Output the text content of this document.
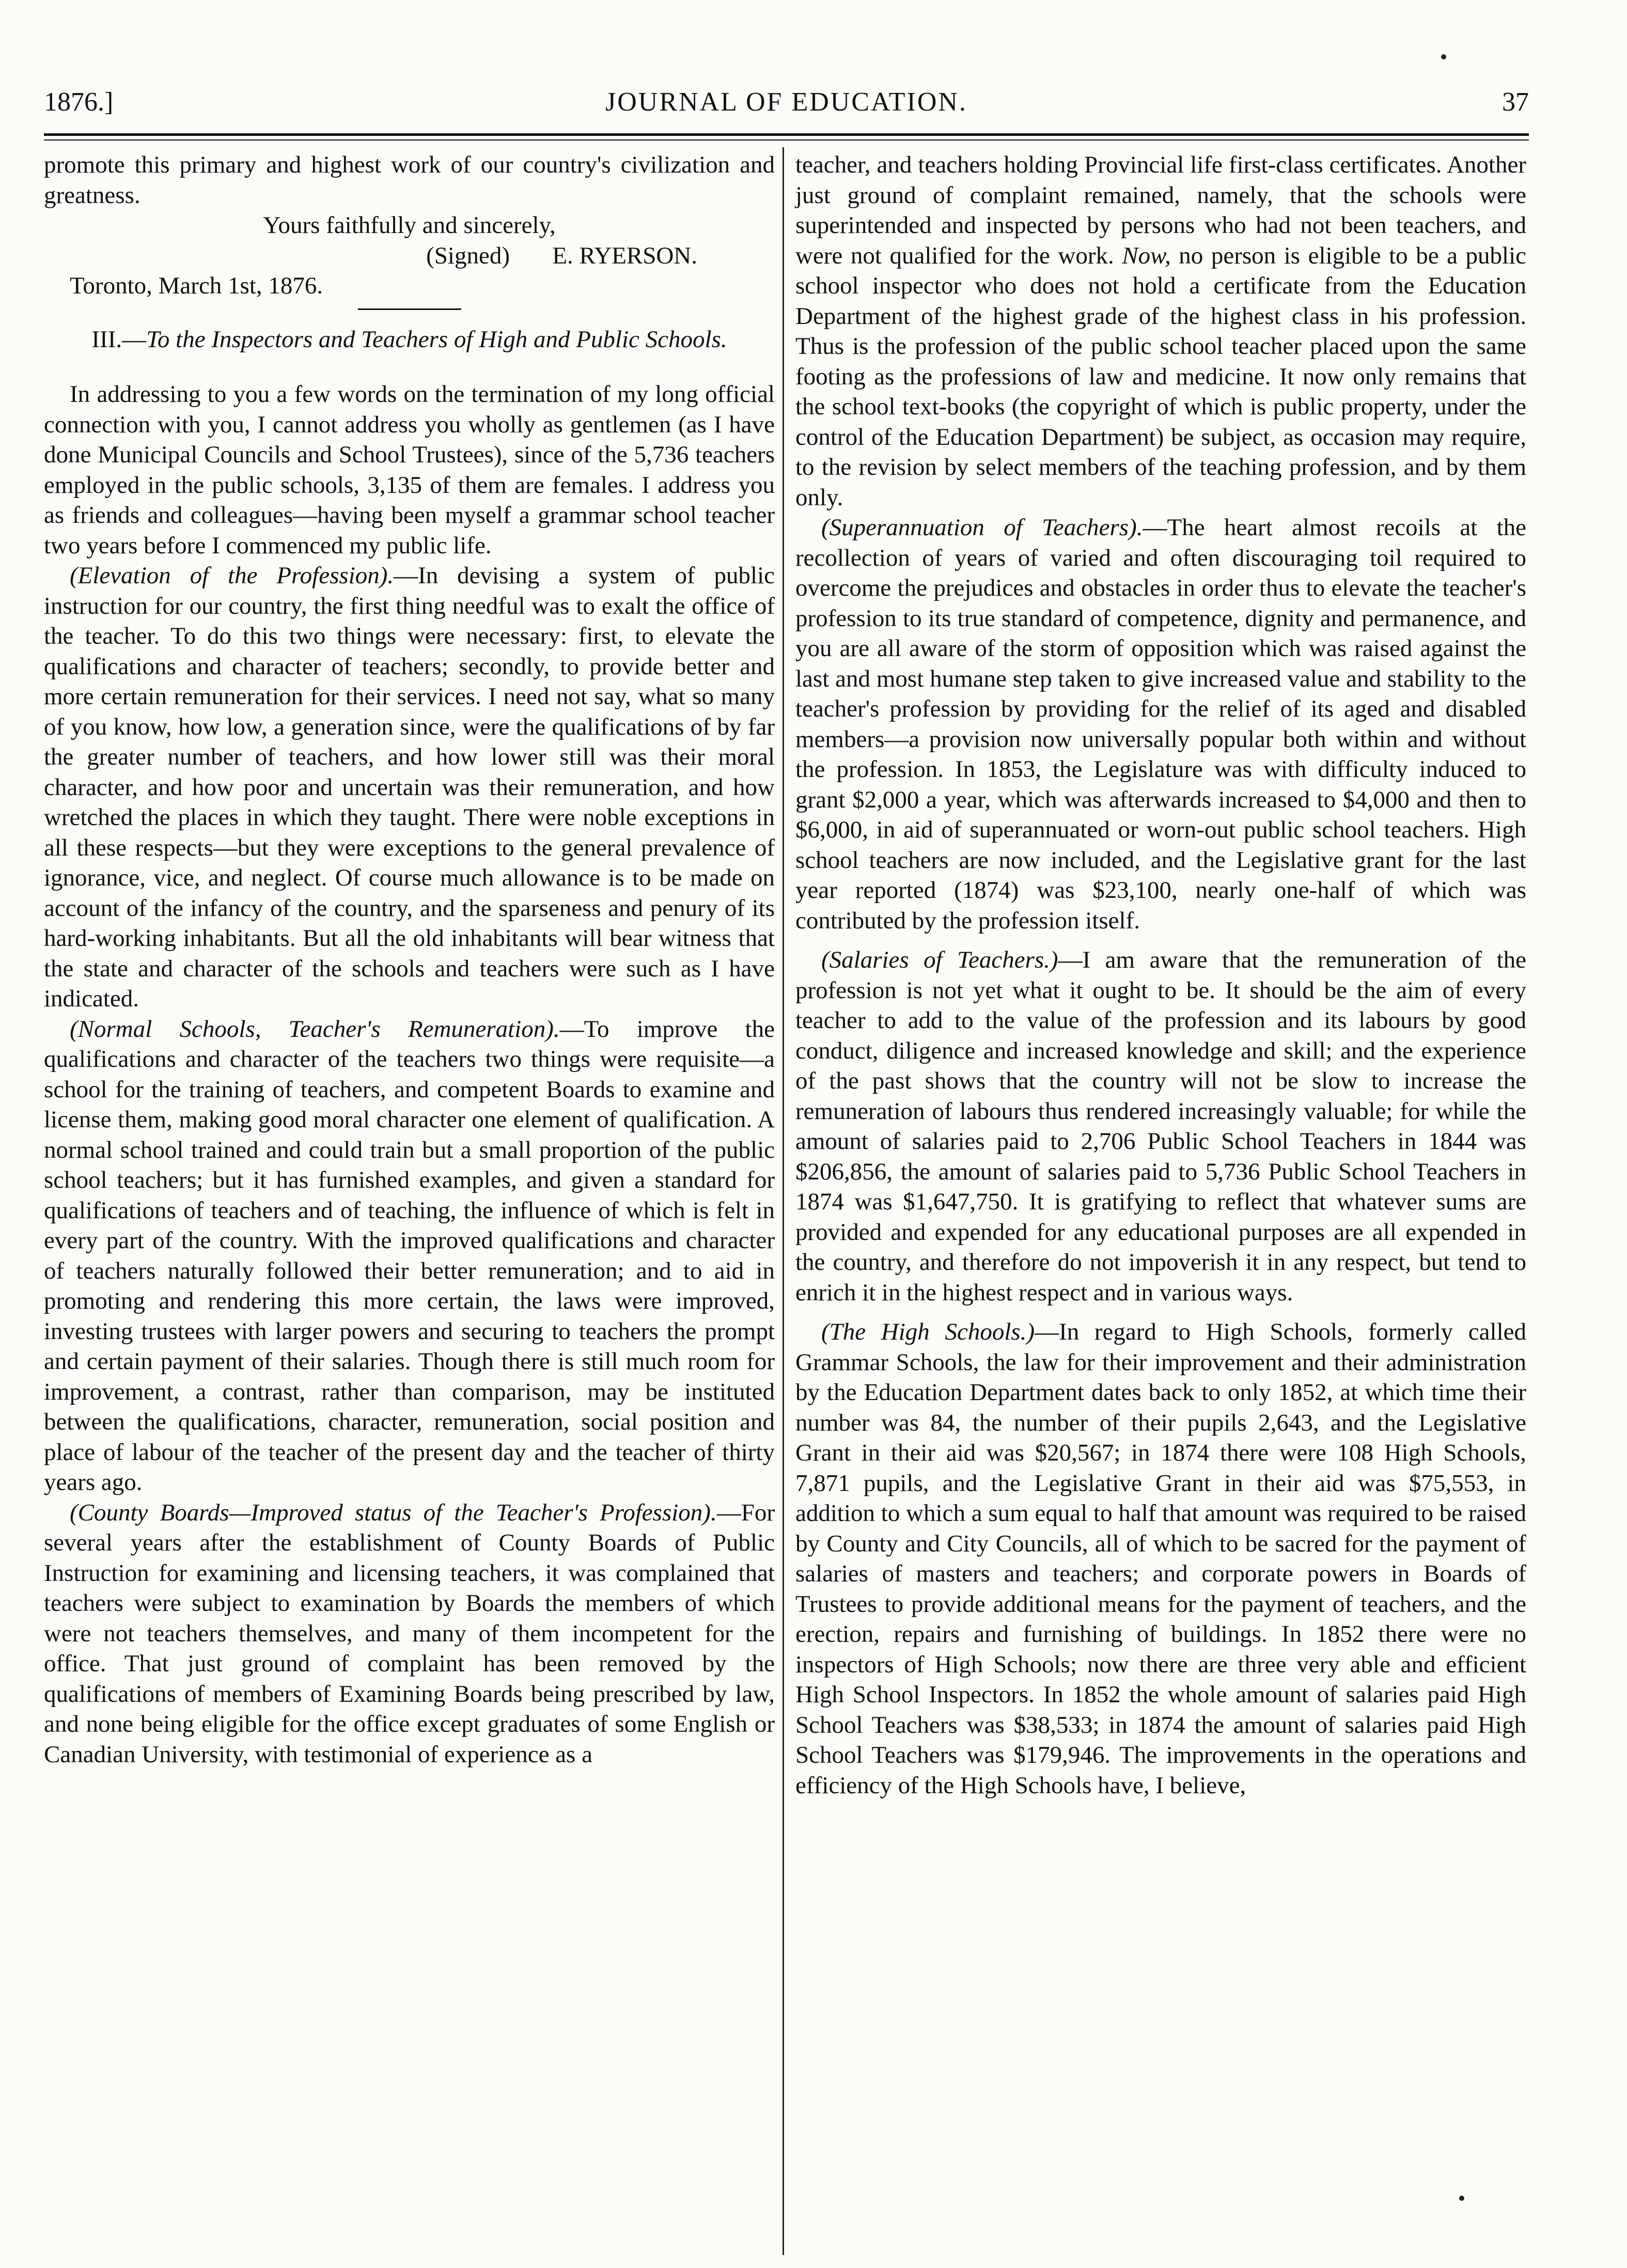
1876.]	JOURNAL OF EDUCATION.	37

promote this primary and highest work of our country's civilization and greatness.

Yours faithfully and sincerely,

(Signed) E. RYERSON.

Toronto, March 1st, 1876.

III.—To the Inspectors and Teachers of High and Public Schools.

In addressing to you a few words on the termination of my long official connection with you, I cannot address you wholly as gentlemen (as I have done Municipal Councils and School Trustees), since of the 5,736 teachers employed in the public schools, 3,135 of them are females. I address you as friends and colleagues—having been myself a grammar school teacher two years before I commenced my public life.

(Elevation of the Profession).—In devising a system of public instruction for our country, the first thing needful was to exalt the office of the teacher. To do this two things were necessary: first, to elevate the qualifications and character of teachers; secondly, to provide better and more certain remuneration for their services. I need not say, what so many of you know, how low, a generation since, were the qualifications of by far the greater number of teachers, and how lower still was their moral character, and how poor and uncertain was their remuneration, and how wretched the places in which they taught. There were noble exceptions in all these respects—but they were exceptions to the general prevalence of ignorance, vice, and neglect. Of course much allowance is to be made on account of the infancy of the country, and the sparseness and penury of its hard-working inhabitants. But all the old inhabitants will bear witness that the state and character of the schools and teachers were such as I have indicated.

(Normal Schools, Teacher's Remuneration).—To improve the qualifications and character of the teachers two things were requisite—a school for the training of teachers, and competent Boards to examine and license them, making good moral character one element of qualification. A normal school trained and could train but a small proportion of the public school teachers; but it has furnished examples, and given a standard for qualifications of teachers and of teaching, the influence of which is felt in every part of the country. With the improved qualifications and character of teachers naturally followed their better remuneration; and to aid in promoting and rendering this more certain, the laws were improved, investing trustees with larger powers and securing to teachers the prompt and certain payment of their salaries. Though there is still much room for improvement, a contrast, rather than comparison, may be instituted between the qualifications, character, remuneration, social position and place of labour of the teacher of the present day and the teacher of thirty years ago.

(County Boards—Improved status of the Teacher's Profession).—For several years after the establishment of County Boards of Public Instruction for examining and licensing teachers, it was complained that teachers were subject to examination by Boards the members of which were not teachers themselves, and many of them incompetent for the office. That just ground of complaint has been removed by the qualifications of members of Examining Boards being prescribed by law, and none being eligible for the office except graduates of some English or Canadian University, with testimonial of experience as a

teacher, and teachers holding Provincial life first-class certificates. Another just ground of complaint remained, namely, that the schools were superintended and inspected by persons who had not been teachers, and were not qualified for the work. Now, no person is eligible to be a public school inspector who does not hold a certificate from the Education Department of the highest grade of the highest class in his profession. Thus is the profession of the public school teacher placed upon the same footing as the professions of law and medicine. It now only remains that the school text-books (the copyright of which is public property, under the control of the Education Department) be subject, as occasion may require, to the revision by select members of the teaching profession, and by them only.

(Superannuation of Teachers).—The heart almost recoils at the recollection of years of varied and often discouraging toil required to overcome the prejudices and obstacles in order thus to elevate the teacher's profession to its true standard of competence, dignity and permanence, and you are all aware of the storm of opposition which was raised against the last and most humane step taken to give increased value and stability to the teacher's profession by providing for the relief of its aged and disabled members—a provision now universally popular both within and without the profession. In 1853, the Legislature was with difficulty induced to grant $2,000 a year, which was afterwards increased to $4,000 and then to $6,000, in aid of superannuated or worn-out public school teachers. High school teachers are now included, and the Legislative grant for the last year reported (1874) was $23,100, nearly one-half of which was contributed by the profession itself.

(Salaries of Teachers.)—I am aware that the remuneration of the profession is not yet what it ought to be. It should be the aim of every teacher to add to the value of the profession and its labours by good conduct, diligence and increased knowledge and skill; and the experience of the past shows that the country will not be slow to increase the remuneration of labours thus rendered increasingly valuable; for while the amount of salaries paid to 2,706 Public School Teachers in 1844 was $206,856, the amount of salaries paid to 5,736 Public School Teachers in 1874 was $1,647,750. It is gratifying to reflect that whatever sums are provided and expended for any educational purposes are all expended in the country, and therefore do not impoverish it in any respect, but tend to enrich it in the highest respect and in various ways.

(The High Schools.)—In regard to High Schools, formerly called Grammar Schools, the law for their improvement and their administration by the Education Department dates back to only 1852, at which time their number was 84, the number of their pupils 2,643, and the Legislative Grant in their aid was $20,567; in 1874 there were 108 High Schools, 7,871 pupils, and the Legislative Grant in their aid was $75,553, in addition to which a sum equal to half that amount was required to be raised by County and City Councils, all of which to be sacred for the payment of salaries of masters and teachers; and corporate powers in Boards of Trustees to provide additional means for the payment of teachers, and the erection, repairs and furnishing of buildings. In 1852 there were no inspectors of High Schools; now there are three very able and efficient High School Inspectors. In 1852 the whole amount of salaries paid High School Teachers was $38,533; in 1874 the amount of salaries paid High School Teachers was $179,946. The improvements in the operations and efficiency of the High Schools have, I believe,
